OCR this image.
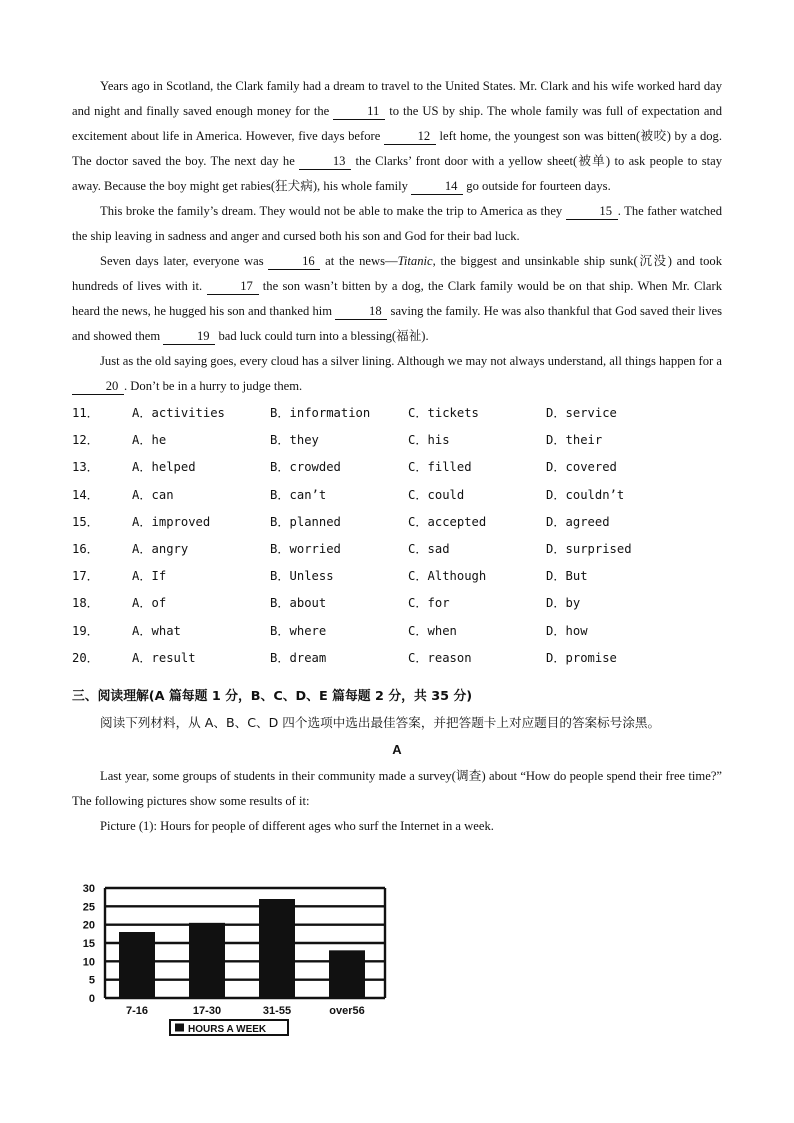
Years ago in Scotland, the Clark family had a dream to travel to the United States. Mr. Clark and his wife worked hard day and night and finally saved enough money for the	11 to the US by ship. The whole family was full of expectation and excitement about life in America. However, five days before	12 left home, the youngest son was bitten(被咬) by a dog. The doctor saved the boy. The next day he	13 the Clarks’ front door with a yellow sheet(被单) to ask people to stay away. Because the boy might get rabies(狂犬病), his whole family	14 go outside for fourteen days.

This broke the family’s dream. They would not be able to make the trip to America as they	15 . The father watched the ship leaving in sadness and anger and cursed both his son and God for their bad luck.

Seven days later, everyone was	16 at the news—Titanic, the biggest and unsinkable ship sunk(沉没) and took hundreds of lives with it.	17 the son wasn’t bitten by a dog, the Clark family would be on that ship. When Mr. Clark heard the news, he hugged his son and thanked him	18 saving the family. He was also thankful that God saved their lives and showed them	19 bad luck could turn into a blessing(福祉).

Just as the old saying goes, every cloud has a silver lining. Although we may not always understand, all things happen for a 20 . Don’t be in a hurry to judge them.

11．	A．activities	B．information	C．tickets	D．service
12．	A．he	B．they	C．his	D．their
13．	A．helped	B．crowded	C．filled	D．covered
14．	A．can	B．can’t	C．could	D．couldn’t
15．	A．improved	B．planned	C．accepted	D．agreed
16．	A．angry	B．worried	C．sad	D．surprised
17．	A．If	B．Unless	C．Although	D．But
18．	A．of	B．about	C．for	D．by
19．	A．what	B．where	C．when	D．how
20．	A．result	B．dream	C．reason	D．promise
三、阅读理解(A 篇每题 1 分，B、C、D、E 篇每题 2 分，共 35 分)
阅读下列材料，从 A、B、C、D 四个选项中选出最佳答案，并把答题卡上对应题目的答案标号涂黑。
A

Last year, some groups of students in their community made a survey(调查) about “How do people spend their free time?” The following pictures show some results of it:

Picture (1): Hours for people of different ages who surf the Internet in a week.

30
25
20
15
10
5
0
7-16	17-30	31-55	over56
HOURS A WEEK
